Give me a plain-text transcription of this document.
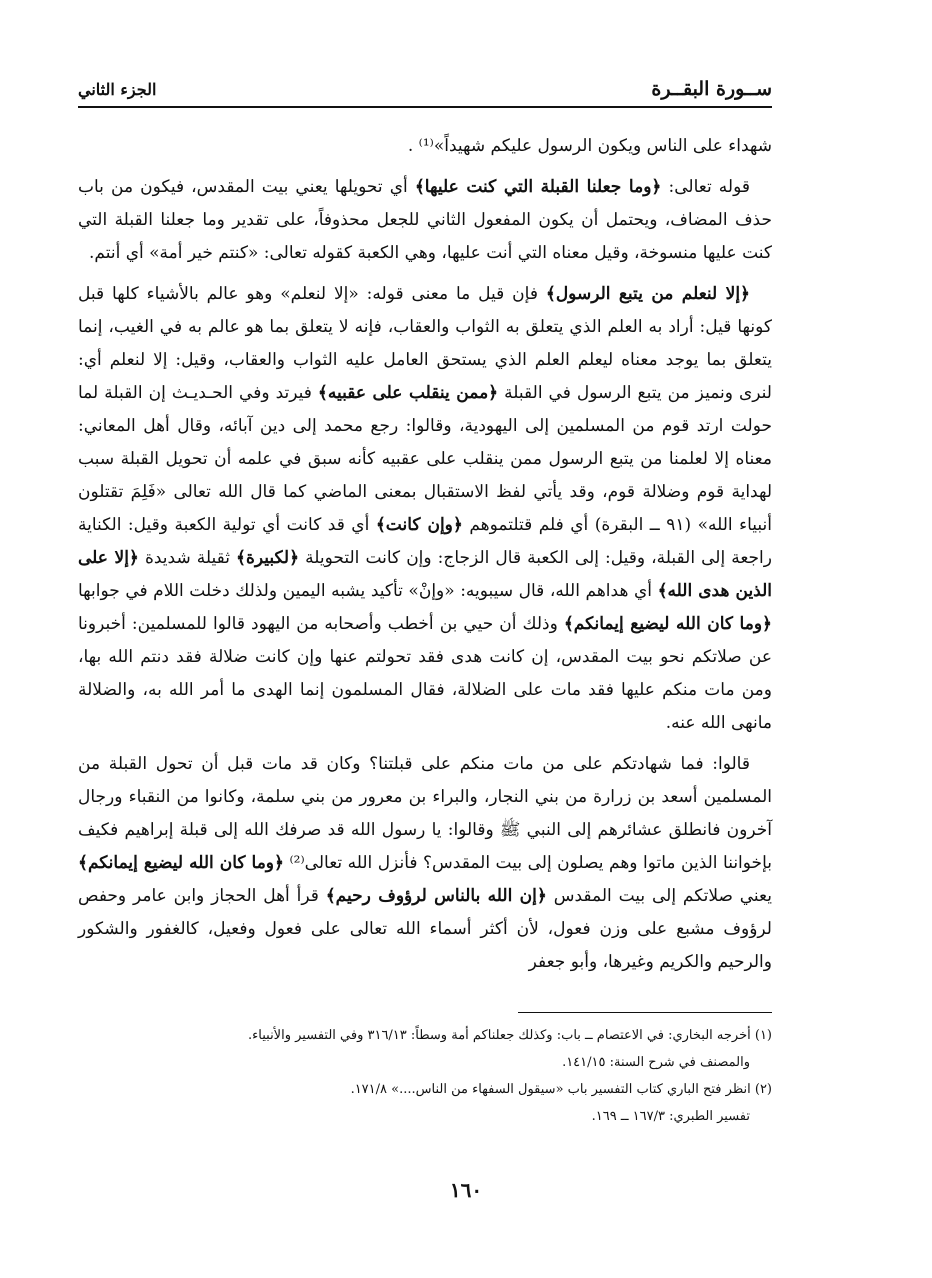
ســورة البقــرة
الجزء الثاني

شهداء على الناس ويكون الرسول عليكم شهيداً»⁽¹⁾ .

قوله تعالى: ﴿وما جعلنا القبلة التي كنت عليها﴾ أي تحويلها يعني بيت المقدس، فيكون من باب حذف المضاف، ويحتمل أن يكون المفعول الثاني للجعل محذوفاً، على تقدير وما جعلنا القبلة التي كنت عليها منسوخة، وقيل معناه التي أنت عليها، وهي الكعبة كقوله تعالى: «كنتم خير أمة» أي أنتم.

﴿إلا لنعلم من يتبع الرسول﴾ فإن قيل ما معنى قوله: «إلا لنعلم» وهو عالم بالأشياء كلها قبل كونها قيل: أراد به العلم الذي يتعلق به الثواب والعقاب، فإنه لا يتعلق بما هو عالم به في الغيب، إنما يتعلق بما يوجد معناه ليعلم العلم الذي يستحق العامل عليه الثواب والعقاب، وقيل: إلا لنعلم أي: لنرى ونميز من يتبع الرسول في القبلة ﴿ممن ينقلب على عقبيه﴾ فيرتد وفي الحـديـث إن القبلة لما حولت ارتد قوم من المسلمين إلى اليهودية، وقالوا: رجع محمد إلى دين آبائه، وقال أهل المعاني: معناه إلا لعلمنا من يتبع الرسول ممن ينقلب على عقبيه كأنه سبق في علمه أن تحويل القبلة سبب لهداية قوم وضلالة قوم، وقد يأتي لفظ الاستقبال بمعنى الماضي كما قال الله تعالى «فَلِمَ تقتلون أنبياء الله» (٩١ ــ البقرة) أي فلم قتلتموهم ﴿وإن كانت﴾ أي قد كانت أي تولية الكعبة وقيل: الكناية راجعة إلى القبلة، وقيل: إلى الكعبة قال الزجاج: وإن كانت التحويلة ﴿لكبيرة﴾ ثقيلة شديدة ﴿إلا على الذين هدى الله﴾ أي هداهم الله، قال سيبويه: «وإنْ» تأكيد يشبه اليمين ولذلك دخلت اللام في جوابها ﴿وما كان الله ليضيع إيمانكم﴾ وذلك أن حيي بن أخطب وأصحابه من اليهود قالوا للمسلمين: أخبرونا عن صلاتكم نحو بيت المقدس، إن كانت هدى فقد تحولتم عنها وإن كانت ضلالة فقد دنتم الله بها، ومن مات منكم عليها فقد مات على الضلالة، فقال المسلمون إنما الهدى ما أمر الله به، والضلالة مانهى الله عنه.

قالوا: فما شهادتكم على من مات منكم على قبلتنا؟ وكان قد مات قبل أن تحول القبلة من المسلمين أسعد بن زرارة من بني النجار، والبراء بن معرور من بني سلمة، وكانوا من النقباء ورجال آخرون فانطلق عشائرهم إلى النبي ﷺ وقالوا: يا رسول الله قد صرفك الله إلى قبلة إبراهيم فكيف بإخواننا الذين ماتوا وهم يصلون إلى بيت المقدس؟ فأنزل الله تعالى⁽²⁾ ﴿وما كان الله ليضيع إيمانكم﴾ يعني صلاتكم إلى بيت المقدس ﴿إن الله بالناس لرؤوف رحيم﴾ قرأ أهل الحجاز وابن عامر وحفص لرؤوف مشبع على وزن فعول، لأن أكثر أسماء الله تعالى على فعول وفعيل، كالغفور والشكور والرحيم والكريم وغيرها، وأبو جعفر

(١) أخرجه البخاري: في الاعتصام ــ باب: وكذلك جعلناكم أمة وسطاً: ٣١٦/١٣ وفي التفسير والأنبياء.
والمصنف في شرح السنة: ١٤١/١٥.
(٢) انظر فتح الباري كتاب التفسير باب «سيقول السفهاء من الناس....» ١٧١/٨.
تفسير الطبري: ١٦٧/٣ ــ ١٦٩.
١٦٠
